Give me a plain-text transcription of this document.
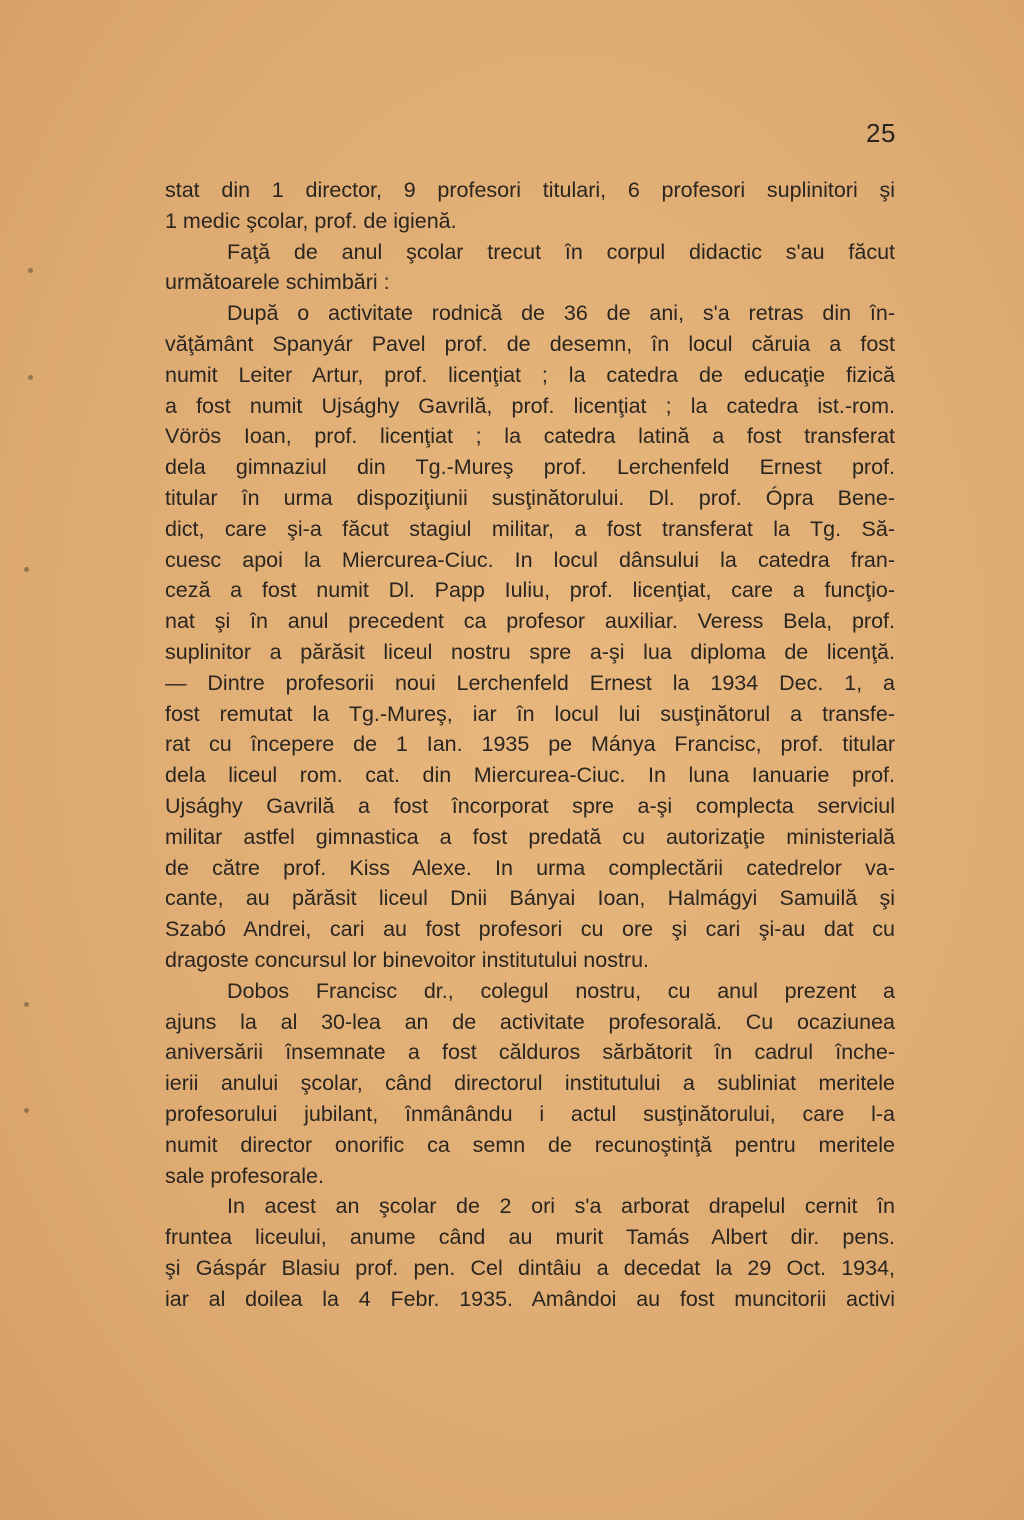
25
stat din 1 director, 9 profesori titulari, 6 profesori suplinitori şi
1 medic şcolar, prof. de igienă.
Faţă de anul şcolar trecut în corpul didactic s'au făcut
următoarele schimbări :
După o activitate rodnică de 36 de ani, s'a retras din în-
văţământ Spanyár Pavel prof. de desemn, în locul căruia a fost
numit Leiter Artur, prof. licenţiat ; la catedra de educaţie fizică
a fost numit Ujsághy Gavrilă, prof. licenţiat ; la catedra ist.-rom.
Vörös Ioan, prof. licenţiat ; la catedra latină a fost transferat
dela gimnaziul din Tg.-Mureş prof. Lerchenfeld Ernest prof.
titular în urma dispoziţiunii susţinătorului. Dl. prof. Ópra Bene-
dict, care şi-a făcut stagiul militar, a fost transferat la Tg. Să-
cuesc apoi la Miercurea-Ciuc. In locul dânsului la catedra fran-
ceză a fost numit Dl. Papp Iuliu, prof. licenţiat, care a funcţio-
nat şi în anul precedent ca profesor auxiliar. Veress Bela, prof.
suplinitor a părăsit liceul nostru spre a-şi lua diploma de licenţă.
— Dintre profesorii noui Lerchenfeld Ernest la 1934 Dec. 1, a
fost remutat la Tg.-Mureş, iar în locul lui susţinătorul a transfe-
rat cu începere de 1 Ian. 1935 pe Mánya Francisc, prof. titular
dela liceul rom. cat. din Miercurea-Ciuc. In luna Ianuarie prof.
Ujsághy Gavrilă a fost încorporat spre a-şi complecta serviciul
militar astfel gimnastica a fost predată cu autorizaţie ministerială
de către prof. Kiss Alexe. In urma complectării catedrelor va-
cante, au părăsit liceul Dnii Bányai Ioan, Halmágyi Samuilă şi
Szabó Andrei, cari au fost profesori cu ore şi cari şi-au dat cu
dragoste concursul lor binevoitor institutului nostru.
Dobos Francisc dr., colegul nostru, cu anul prezent a
ajuns la al 30-lea an de activitate profesorală. Cu ocaziunea
aniversării însemnate a fost călduros sărbătorit în cadrul înche-
ierii anului şcolar, când directorul institutului a subliniat meritele
profesorului jubilant, înmânându i actul susţinătorului, care l-a
numit director onorific ca semn de recunoştinţă pentru meritele
sale profesorale.
In acest an şcolar de 2 ori s'a arborat drapelul cernit în
fruntea liceului, anume când au murit Tamás Albert dir. pens.
şi Gáspár Blasiu prof. pen. Cel dintâiu a decedat la 29 Oct. 1934,
iar al doilea la 4 Febr. 1935. Amândoi au fost muncitorii activi
